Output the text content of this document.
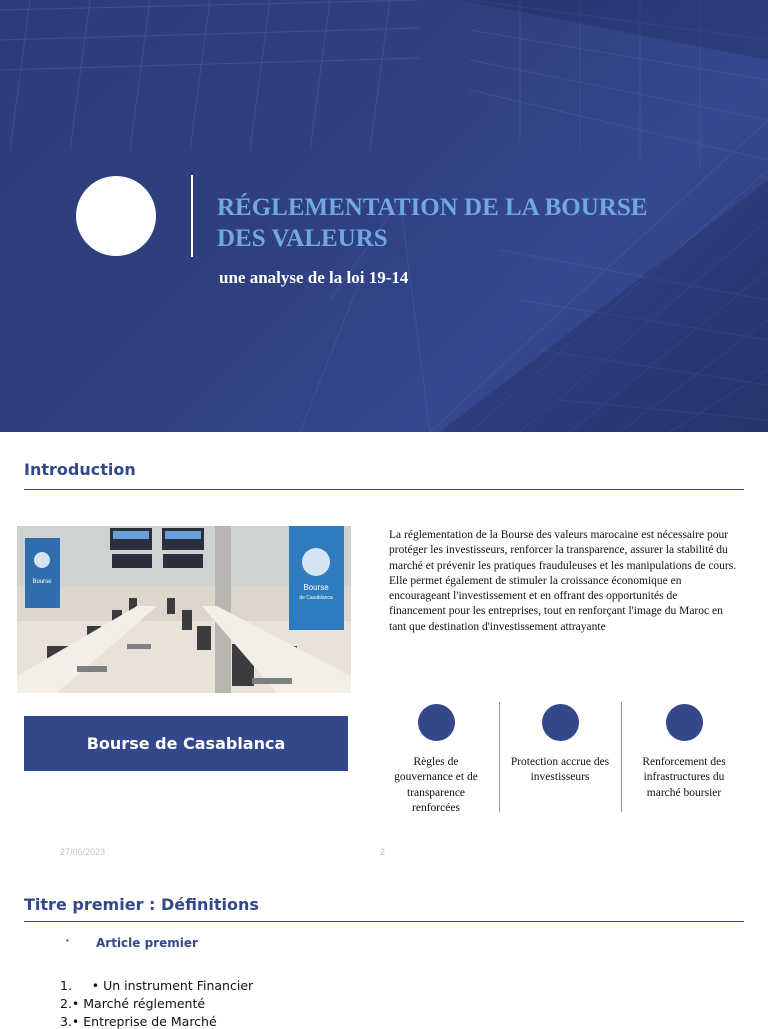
RÉGLEMENTATION DE LA BOURSE DES VALEURS

une analyse de la loi 19-14

Introduction
Bourse
Bourse
de Casablanca
Bourse de Casablanca

La réglementation de la Bourse des valeurs marocaine est nécessaire pour protéger les investisseurs, renforcer la transparence, assurer la stabilité du marché et prévenir les pratiques frauduleuses et les manipulations de cours. Elle permet également de stimuler la croissance économique en encourageant l'investissement et en offrant des opportunités de financement pour les entreprises, tout en renforçant l'image du Maroc en tant que destination d'investissement attrayante

Règles de gouvernance et de transparence renforcées
Protection accrue des investisseurs
Renforcement des infrastructures du marché boursier
27/06/2023	2
Titre premier : Définitions
• Article premier
1.     • Un instrument Financier
2.• Marché réglementé
3.• Entreprise de Marché
